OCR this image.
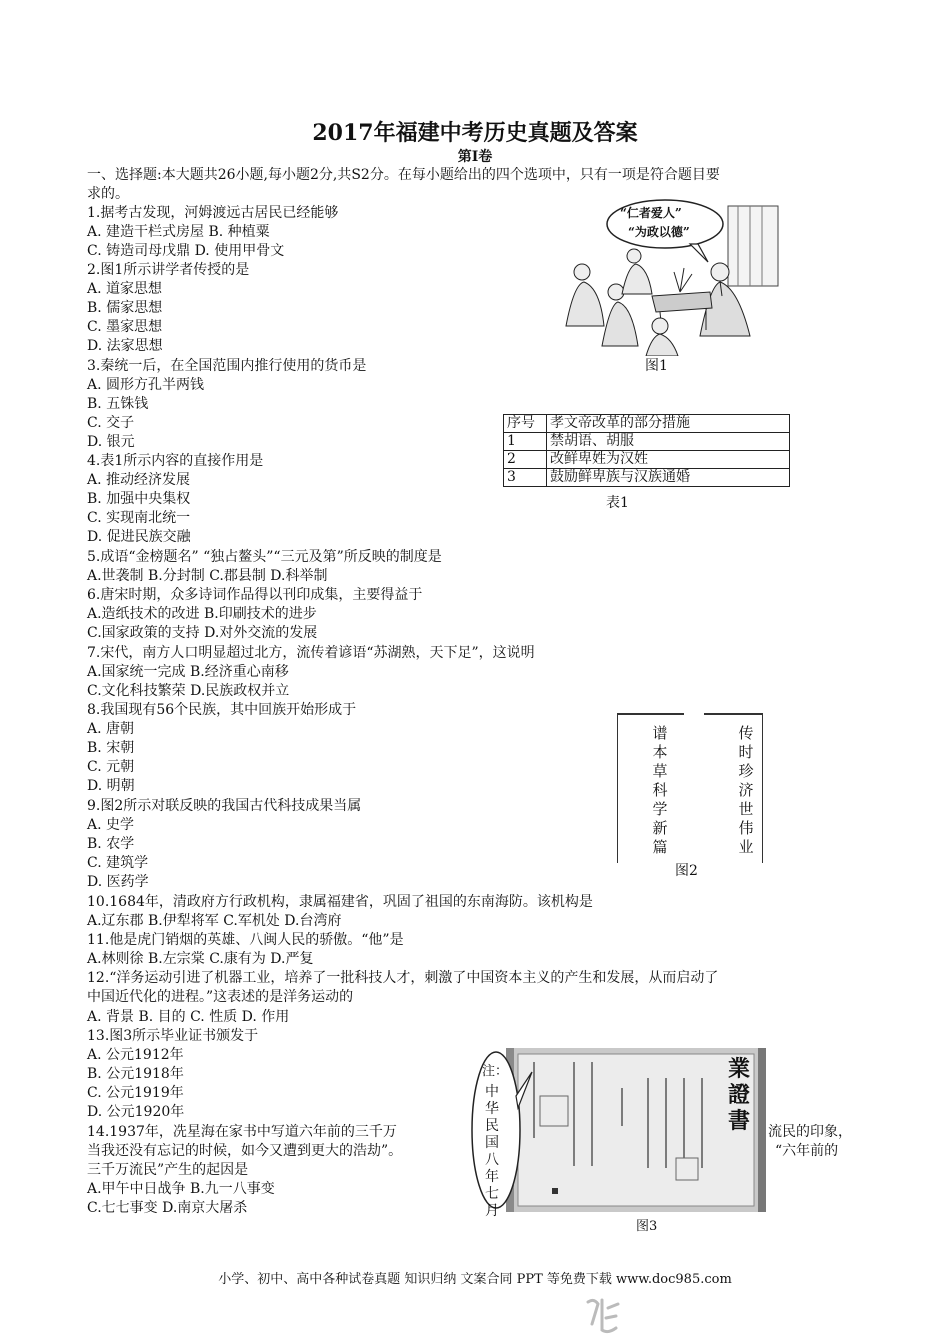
2017年福建中考历史真题及答案
第Ⅰ卷
一、选择题:本大题共26小题,每小题2分,共S2分。在每小题给出的四个选项中，只有一项是符合题目要
求的。
1.据考古发现，河姆渡远古居民已经能够
A. 建造干栏式房屋 B. 种植粟
C. 铸造司母戊鼎 D. 使用甲骨文
2.图1所示讲学者传授的是
A. 道家思想
B. 儒家思想
C. 墨家思想
D. 法家思想
3.秦统一后，在全国范围内推行使用的货币是
A. 圆形方孔半两钱
B. 五铢钱
C. 交子
D. 银元
4.表1所示内容的直接作用是
A. 推动经济发展
B. 加强中央集权
C. 实现南北统一
D. 促进民族交融
5.成语“金榜题名” “独占鳌头”“三元及第”所反映的制度是
A.世袭制 B.分封制 C.郡县制 D.科举制
6.唐宋时期，众多诗词作品得以刊印成集，主要得益于
A.造纸技术的改进 B.印刷技术的进步
C.国家政策的支持 D.对外交流的发展
7.宋代，南方人口明显超过北方，流传着谚语“苏湖熟，天下足”，这说明
A.国家统一完成 B.经济重心南移
C.文化科技繁荣 D.民族政权并立
8.我国现有56个民族，其中回族开始形成于
A. 唐朝
B. 宋朝
C. 元朝
D. 明朝
9.图2所示对联反映的我国古代科技成果当属
A. 史学
B. 农学
C. 建筑学
D. 医药学
10.1684年，清政府方行政机构，隶属福建省，巩固了祖国的东南海防。该机构是
A.辽东郡 B.伊犁将军 C.军机处 D.台湾府
11.他是虎门销烟的英雄、八闽人民的骄傲。“他”是
A.林则徐 B.左宗棠 C.康有为 D.严复
12.“洋务运动引进了机器工业，培养了一批科技人才，刺激了中国资本主义的产生和发展，从而启动了
中国近代化的进程。”这表述的是洋务运动的
A. 背景 B. 目的 C. 性质 D. 作用
13.图3所示毕业证书颁发于
A. 公元1912年
B. 公元1918年
C. 公元1919年
D. 公元1920年
14.1937年，冼星海在家书中写道六年前的三千万	流民的印象，
当我还没有忘记的时候，如今又遭到更大的浩劫”。	“六年前的
三千万流民”产生的起因是
A.甲午中日战争 B.九一八事变
C.七七事变 D.南京大屠杀
“仁者爱人”
“为政以德”
图1
序号	孝文帝改革的部分措施
1	禁胡语、胡服
2	改鲜卑姓为汉姓
3	鼓励鲜卑族与汉族通婚
表1
谱本草科学新篇
传时珍济世伟业
图2
注：
中华民国八年七月
業證書
图3
小学、初中、高中各种试卷真题 知识归纳 文案合同 PPT 等免费下载 www.doc985.com
